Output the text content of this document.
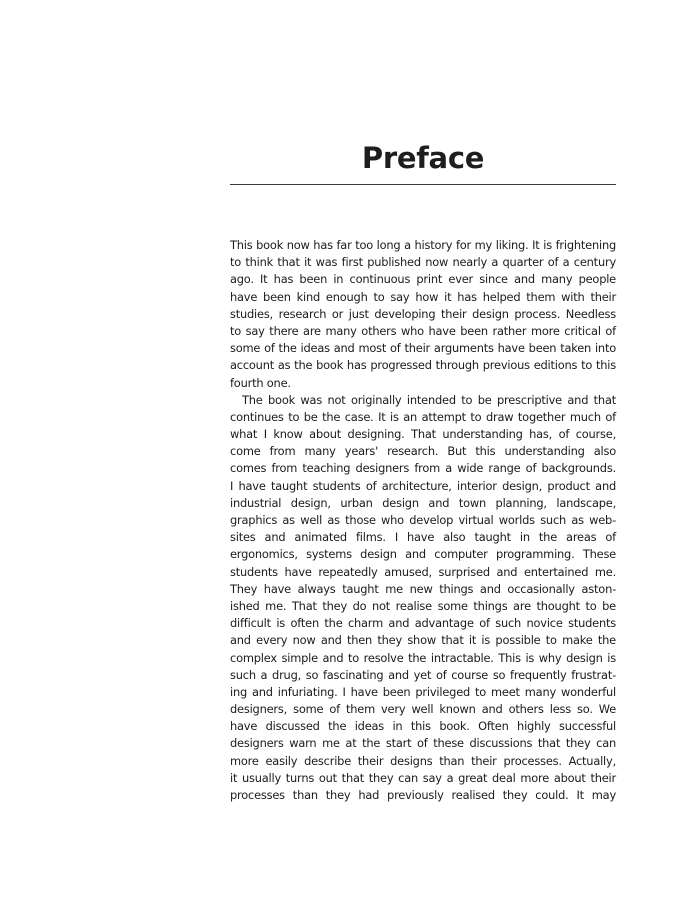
Preface
This book now has far too long a history for my liking. It is frightening
to think that it was first published now nearly a quarter of a century
ago. It has been in continuous print ever since and many people
have been kind enough to say how it has helped them with their
studies, research or just developing their design process. Needless
to say there are many others who have been rather more critical of
some of the ideas and most of their arguments have been taken into
account as the book has progressed through previous editions to this
fourth one.
The book was not originally intended to be prescriptive and that
continues to be the case. It is an attempt to draw together much of
what I know about designing. That understanding has, of course,
come from many years' research. But this understanding also
comes from teaching designers from a wide range of backgrounds.
I have taught students of architecture, interior design, product and
industrial design, urban design and town planning, landscape,
graphics as well as those who develop virtual worlds such as web-
sites and animated films. I have also taught in the areas of
ergonomics, systems design and computer programming. These
students have repeatedly amused, surprised and entertained me.
They have always taught me new things and occasionally aston-
ished me. That they do not realise some things are thought to be
difficult is often the charm and advantage of such novice students
and every now and then they show that it is possible to make the
complex simple and to resolve the intractable. This is why design is
such a drug, so fascinating and yet of course so frequently frustrat-
ing and infuriating. I have been privileged to meet many wonderful
designers, some of them very well known and others less so. We
have discussed the ideas in this book. Often highly successful
designers warn me at the start of these discussions that they can
more easily describe their designs than their processes. Actually,
it usually turns out that they can say a great deal more about their
processes than they had previously realised they could. It may
